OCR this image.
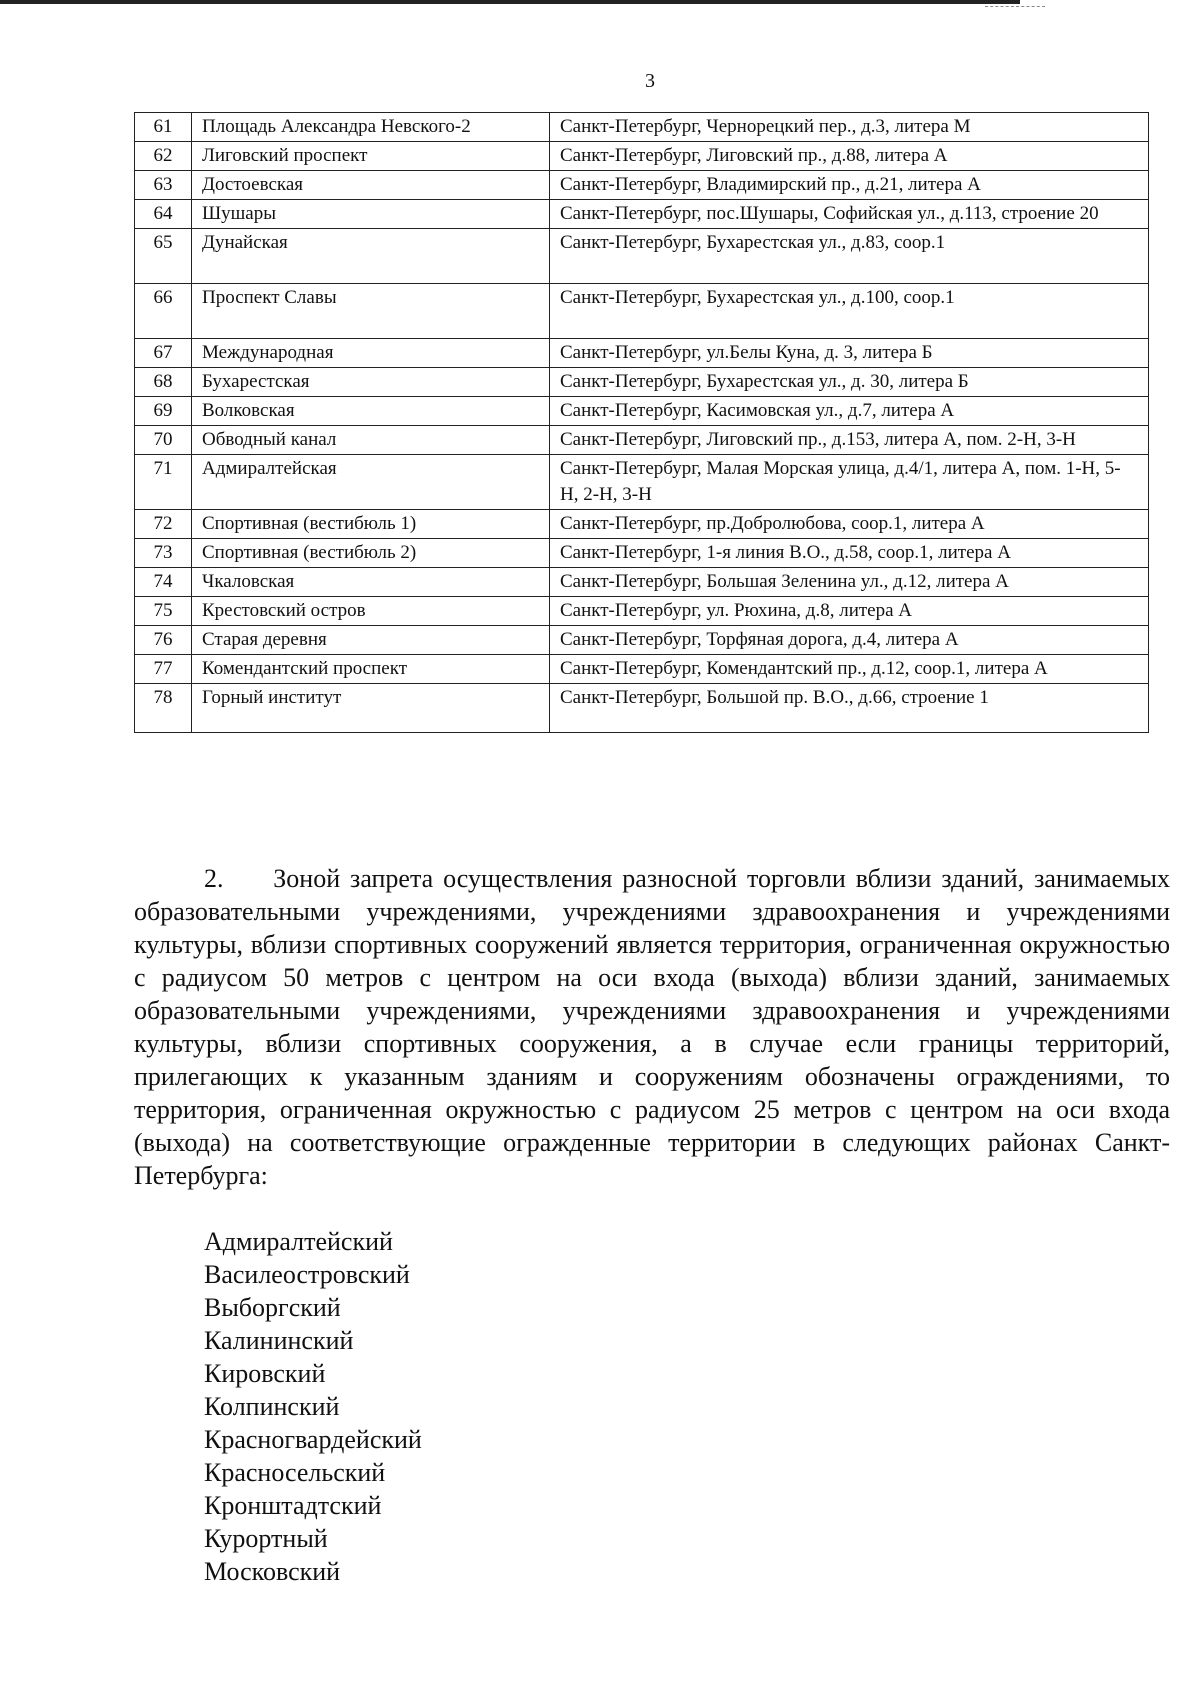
3
61	Площадь Александра Невского-2	Санкт-Петербург, Чернорецкий пер., д.3, литера М
62	Лиговский проспект	Санкт-Петербург, Лиговский пр., д.88, литера А
63	Достоевская	Санкт-Петербург, Владимирский пр., д.21, литера А
64	Шушары	Санкт-Петербург, пос.Шушары, Софийская ул., д.113, строение 20
65	Дунайская	Санкт-Петербург, Бухарестская ул., д.83, соор.1
66	Проспект Славы	Санкт-Петербург, Бухарестская ул., д.100, соор.1
67	Международная	Санкт-Петербург, ул.Белы Куна, д. 3, литера Б
68	Бухарестская	Санкт-Петербург, Бухарестская ул., д. 30, литера Б
69	Волковская	Санкт-Петербург, Касимовская ул., д.7, литера А
70	Обводный канал	Санкт-Петербург, Лиговский пр., д.153, литера А, пом. 2-Н, 3-Н
71	Адмиралтейская	Санкт-Петербург, Малая Морская улица, д.4/1, литера А, пом. 1-Н, 5-Н, 2-Н, 3-Н
72	Спортивная (вестибюль 1)	Санкт-Петербург, пр.Добролюбова, соор.1, литера А
73	Спортивная (вестибюль 2)	Санкт-Петербург, 1-я линия В.О., д.58, соор.1, литера А
74	Чкаловская	Санкт-Петербург, Большая Зеленина ул., д.12, литера А
75	Крестовский остров	Санкт-Петербург, ул. Рюхина, д.8, литера А
76	Старая деревня	Санкт-Петербург, Торфяная дорога, д.4, литера А
77	Комендантский проспект	Санкт-Петербург, Комендантский пр., д.12, соор.1, литера А
78	Горный институт	Санкт-Петербург, Большой пр. В.О., д.66, строение 1

2. Зоной запрета осуществления разносной торговли вблизи зданий, занимаемых образовательными учреждениями, учреждениями здравоохранения и учреждениями культуры, вблизи спортивных сооружений является территория, ограниченная окружностью с радиусом 50 метров с центром на оси входа (выхода) вблизи зданий, занимаемых образовательными учреждениями, учреждениями здравоохранения и учреждениями культуры, вблизи спортивных сооружения, а в случае если границы территорий, прилегающих к указанным зданиям и сооружениям обозначены ограждениями, то территория, ограниченная окружностью с радиусом 25 метров с центром на оси входа (выхода) на соответствующие огражденные территории в следующих районах Санкт-Петербурга:

Адмиралтейский
Василеостровский
Выборгский
Калининский
Кировский
Колпинский
Красногвардейский
Красносельский
Кронштадтский
Курортный
Московский
